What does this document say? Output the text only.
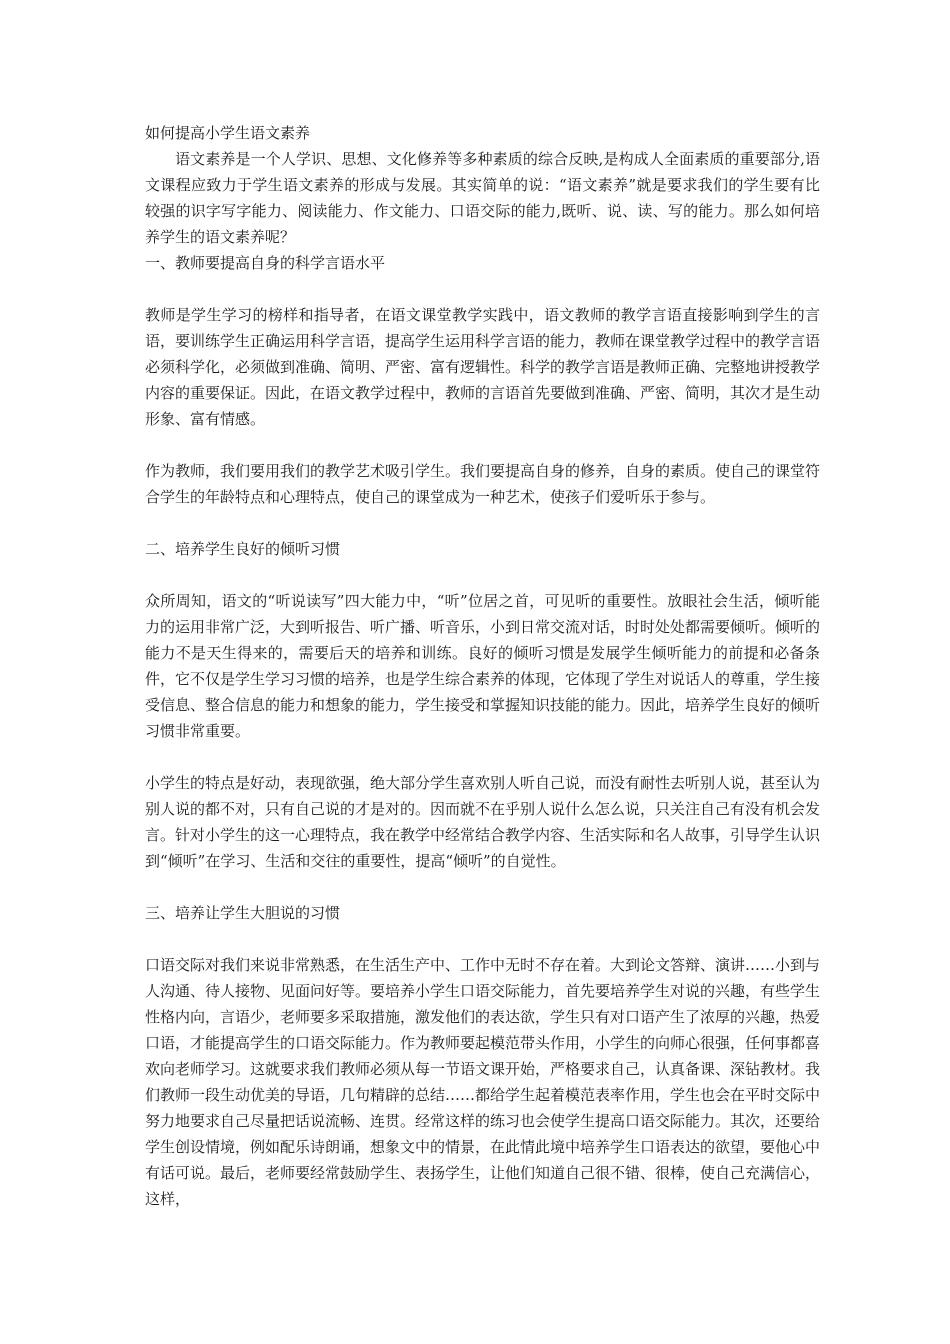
如何提高小学生语文素养

语文素养是一个人学识、思想、文化修养等多种素质的综合反映,是构成人全面素质的重要部分,语文课程应致力于学生语文素养的形成与发展。其实简单的说：“语文素养”就是要求我们的学生要有比较强的识字写字能力、阅读能力、作文能力、口语交际的能力,既听、说、读、写的能力。那么如何培养学生的语文素养呢？

一、教师要提高自身的科学言语水平

教师是学生学习的榜样和指导者，在语文课堂教学实践中，语文教师的教学言语直接影响到学生的言语，要训练学生正确运用科学言语，提高学生运用科学言语的能力，教师在课堂教学过程中的教学言语必须科学化，必须做到准确、简明、严密、富有逻辑性。科学的教学言语是教师正确、完整地讲授教学内容的重要保证。因此，在语文教学过程中，教师的言语首先要做到准确、严密、简明，其次才是生动形象、富有情感。

作为教师，我们要用我们的教学艺术吸引学生。我们要提高自身的修养，自身的素质。使自己的课堂符合学生的年龄特点和心理特点，使自己的课堂成为一种艺术，使孩子们爱听乐于参与。

二、培养学生良好的倾听习惯

众所周知，语文的“听说读写”四大能力中，“听”位居之首，可见听的重要性。放眼社会生活，倾听能力的运用非常广泛，大到听报告、听广播、听音乐，小到日常交流对话，时时处处都需要倾听。倾听的能力不是天生得来的，需要后天的培养和训练。良好的倾听习惯是发展学生倾听能力的前提和必备条件，它不仅是学生学习习惯的培养，也是学生综合素养的体现，它体现了学生对说话人的尊重，学生接受信息、整合信息的能力和想象的能力，学生接受和掌握知识技能的能力。因此，培养学生良好的倾听习惯非常重要。

小学生的特点是好动，表现欲强，绝大部分学生喜欢别人听自己说，而没有耐性去听别人说，甚至认为别人说的都不对，只有自己说的才是对的。因而就不在乎别人说什么怎么说，只关注自己有没有机会发言。针对小学生的这一心理特点，我在教学中经常结合教学内容、生活实际和名人故事，引导学生认识到“倾听”在学习、生活和交往的重要性，提高“倾听”的自觉性。

三、培养让学生大胆说的习惯

口语交际对我们来说非常熟悉，在生活生产中、工作中无时不存在着。大到论文答辩、演讲……小到与人沟通、待人接物、见面问好等。要培养小学生口语交际能力，首先要培养学生对说的兴趣，有些学生性格内向，言语少，老师要多采取措施，激发他们的表达欲，学生只有对口语产生了浓厚的兴趣，热爱口语，才能提高学生的口语交际能力。作为教师要起模范带头作用，小学生的向师心很强，任何事都喜欢向老师学习。这就要求我们教师必须从每一节语文课开始，严格要求自己，认真备课、深钻教材。我们教师一段生动优美的导语，几句精辟的总结……都给学生起着模范表率作用，学生也会在平时交际中努力地要求自己尽量把话说流畅、连贯。经常这样的练习也会使学生提高口语交际能力。其次，还要给学生创设情境，例如配乐诗朗诵，想象文中的情景，在此情此境中培养学生口语表达的欲望，要他心中有话可说。最后，老师要经常鼓励学生、表扬学生，让他们知道自己很不错、很棒，使自己充满信心，这样，
